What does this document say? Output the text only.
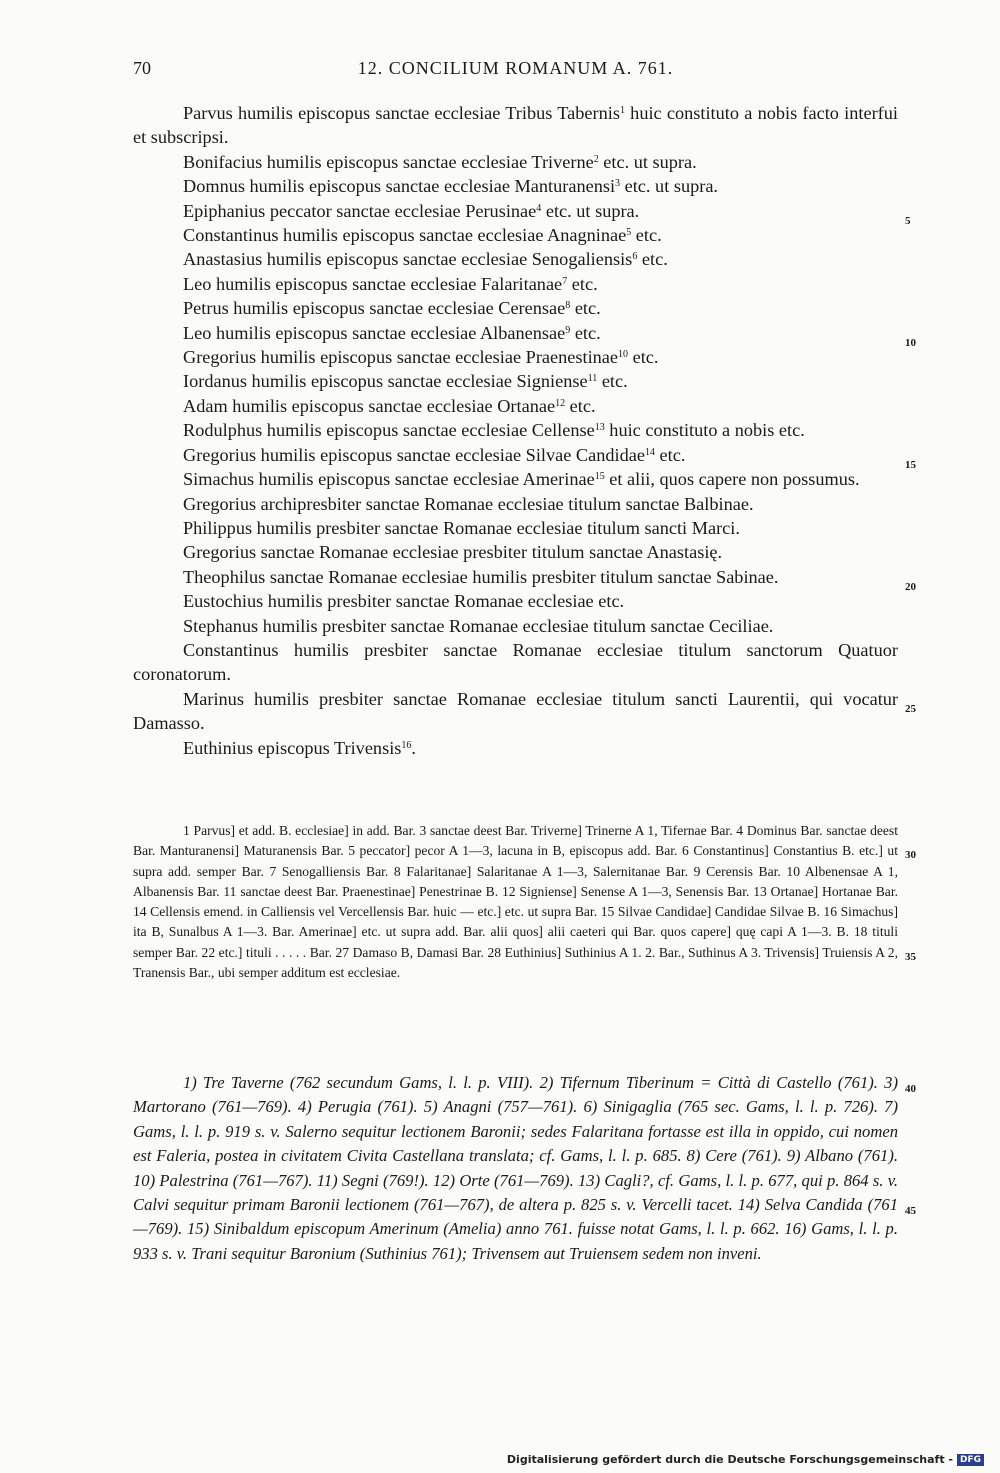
70	12. CONCILIUM ROMANUM A. 761.

Parvus humilis episcopus sanctae ecclesiae Tribus Tabernis$^1$ huic constituto a nobis facto interfui et subscripsi.

Bonifacius humilis episcopus sanctae ecclesiae Triverne$^2$ etc. ut supra.

Domnus humilis episcopus sanctae ecclesiae Manturanensi$^3$ etc. ut supra.

Epiphanius peccator sanctae ecclesiae Perusinae$^4$ etc. ut supra.

Constantinus humilis episcopus sanctae ecclesiae Anagninae$^5$ etc.

Anastasius humilis episcopus sanctae ecclesiae Senogaliensis$^6$ etc.

Leo humilis episcopus sanctae ecclesiae Falaritanae$^7$ etc.

Petrus humilis episcopus sanctae ecclesiae Cerensae$^8$ etc.

Leo humilis episcopus sanctae ecclesiae Albanensae$^9$ etc.

Gregorius humilis episcopus sanctae ecclesiae Praenestinae$^{10}$ etc.

Iordanus humilis episcopus sanctae ecclesiae Signiense$^{11}$ etc.

Adam humilis episcopus sanctae ecclesiae Ortanae$^{12}$ etc.

Rodulphus humilis episcopus sanctae ecclesiae Cellense$^{13}$ huic constituto a nobis etc.

Gregorius humilis episcopus sanctae ecclesiae Silvae Candidae$^{14}$ etc.

Simachus humilis episcopus sanctae ecclesiae Amerinae$^{15}$ et alii, quos capere non possumus.

Gregorius archipresbiter sanctae Romanae ecclesiae titulum sanctae Balbinae.

Philippus humilis presbiter sanctae Romanae ecclesiae titulum sancti Marci.

Gregorius sanctae Romanae ecclesiae presbiter titulum sanctae Anastasię.

Theophilus sanctae Romanae ecclesiae humilis presbiter titulum sanctae Sabinae.

Eustochius humilis presbiter sanctae Romanae ecclesiae etc.

Stephanus humilis presbiter sanctae Romanae ecclesiae titulum sanctae Ceciliae.

Constantinus humilis presbiter sanctae Romanae ecclesiae titulum sanctorum Quatuor coronatorum.

Marinus humilis presbiter sanctae Romanae ecclesiae titulum sancti Laurentii, qui vocatur Damasso.

Euthinius episcopus Trivensis$^{16}$.

5
10
15
20
25

1 Parvus] et add. B. ecclesiae] in add. Bar. 3 sanctae deest Bar. Triverne] Trinerne A 1, Tifernae Bar. 4 Dominus Bar. sanctae deest Bar. Manturanensi] Maturanensis Bar. 5 peccator] pecor A 1—3, lacuna in B, episcopus add. Bar. 6 Constantinus] Constantius B. etc.] ut supra add. semper Bar. 7 Senogalliensis Bar. 8 Falaritanae] Salaritanae A 1—3, Salernitanae Bar. 9 Cerensis Bar. 10 Albenensae A 1, Albanensis Bar. 11 sanctae deest Bar. Praenestinae] Penestrinae B. 12 Signiense] Senense A 1—3, Senensis Bar. 13 Ortanae] Hortanae Bar. 14 Cellensis emend. in Calliensis vel Vercellensis Bar. huic — etc.] etc. ut supra Bar. 15 Silvae Candidae] Candidae Silvae B. 16 Simachus] ita B, Sunalbus A 1—3. Bar. Amerinae] etc. ut supra add. Bar. alii quos] alii caeteri qui Bar. quos capere] quę capi A 1—3. B. 18 tituli semper Bar. 22 etc.] tituli . . . . . Bar. 27 Damaso B, Damasi Bar. 28 Euthinius] Suthinius A 1. 2. Bar., Suthinus A 3. Trivensis] Truiensis A 2, Tranensis Bar., ubi semper additum est ecclesiae.

30
35

1) Tre Taverne (762 secundum Gams, l. l. p. VIII). 2) Tifernum Tiberinum = Città di Castello (761). 3) Martorano (761—769). 4) Perugia (761). 5) Anagni (757—761). 6) Sinigaglia (765 sec. Gams, l. l. p. 726). 7) Gams, l. l. p. 919 s. v. Salerno sequitur lectionem Baronii; sedes Falaritana fortasse est illa in oppido, cui nomen est Faleria, postea in civitatem Civita Castellana translata; cf. Gams, l. l. p. 685. 8) Cere (761). 9) Albano (761). 10) Palestrina (761—767). 11) Segni (769!). 12) Orte (761—769). 13) Cagli?, cf. Gams, l. l. p. 677, qui p. 864 s. v. Calvi sequitur primam Baronii lectionem (761—767), de altera p. 825 s. v. Vercelli tacet. 14) Selva Candida (761—769). 15) Sinibaldum episcopum Amerinum (Amelia) anno 761. fuisse notat Gams, l. l. p. 662. 16) Gams, l. l. p. 933 s. v. Trani sequitur Baronium (Suthinius 761); Trivensem aut Truiensem sedem non inveni.

40
45
Digitalisierung gefördert durch die Deutsche Forschungsgemeinschaft - DFG
